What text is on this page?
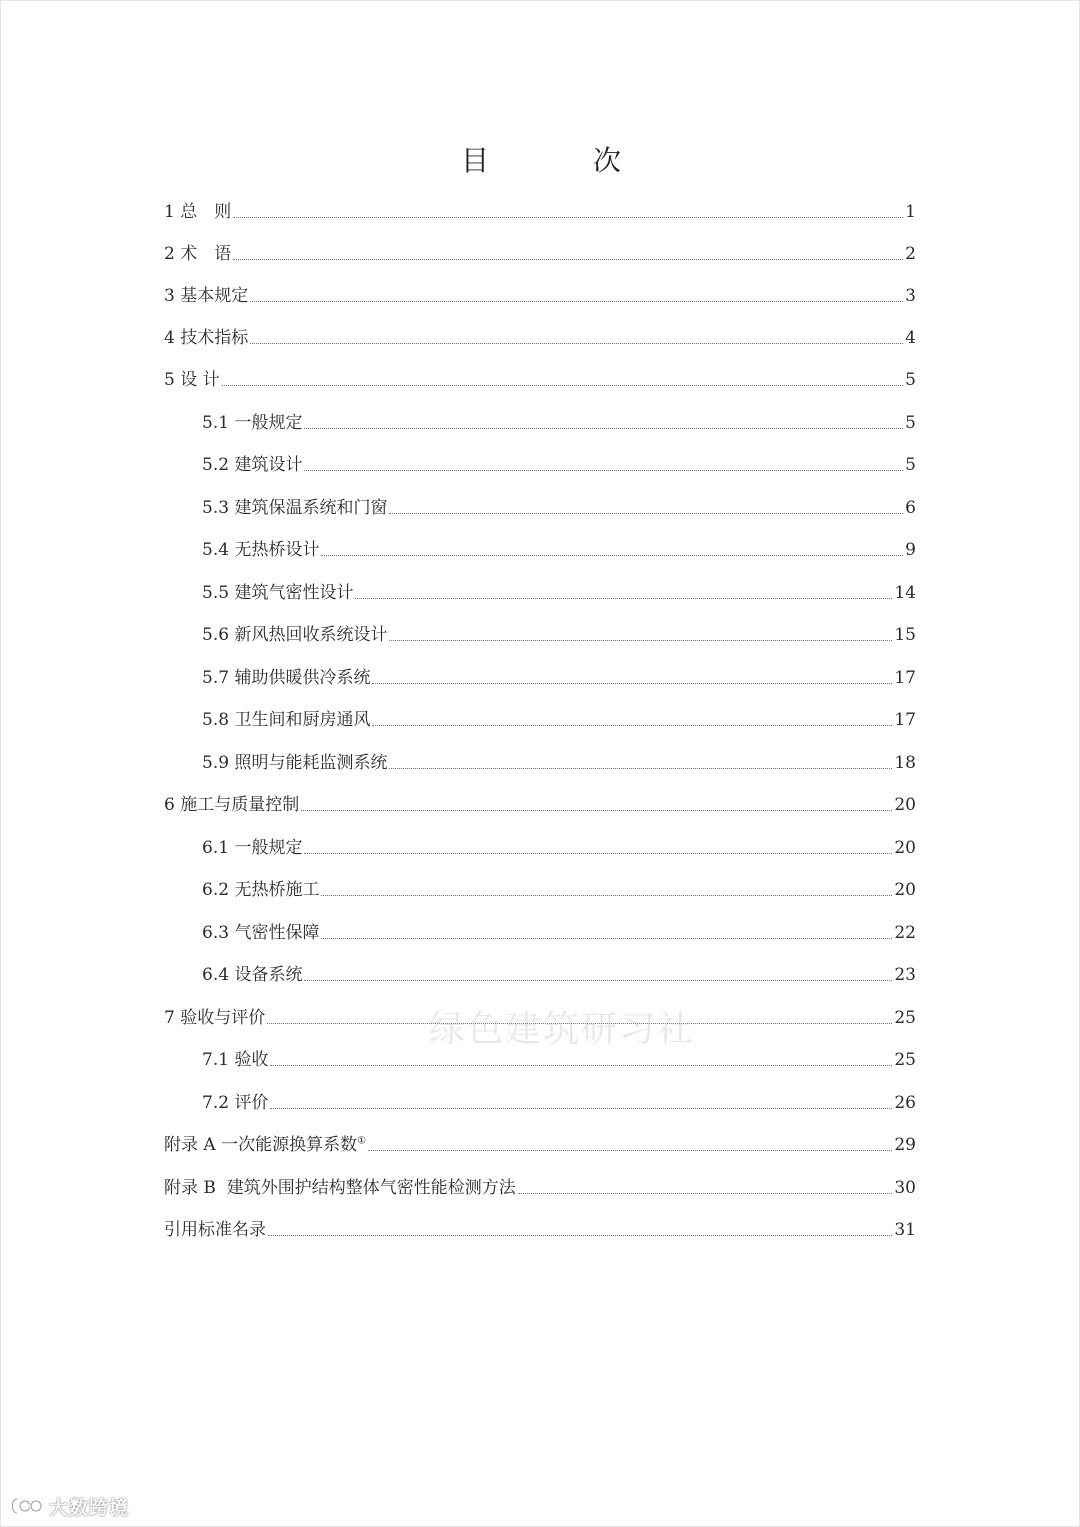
目　次
1 总　则	1
2 术　语	2
3 基本规定	3
4 技术指标	4
5 设 计	5
5.1 一般规定	5
5.2 建筑设计	5
5.3 建筑保温系统和门窗	6
5.4 无热桥设计	9
5.5 建筑气密性设计	14
5.6 新风热回收系统设计	15
5.7 辅助供暖供冷系统	17
5.8 卫生间和厨房通风	17
5.9 照明与能耗监测系统	18
6 施工与质量控制	20
6.1 一般规定	20
6.2 无热桥施工	20
6.3 气密性保障	22
6.4 设备系统	23
7 验收与评价	25
7.1 验收	25
7.2 评价	26
附录 A 一次能源换算系数①	29
附录 B  建筑外围护结构整体气密性能检测方法	30
引用标准名录	31
绿色建筑研习社
大数跨境
